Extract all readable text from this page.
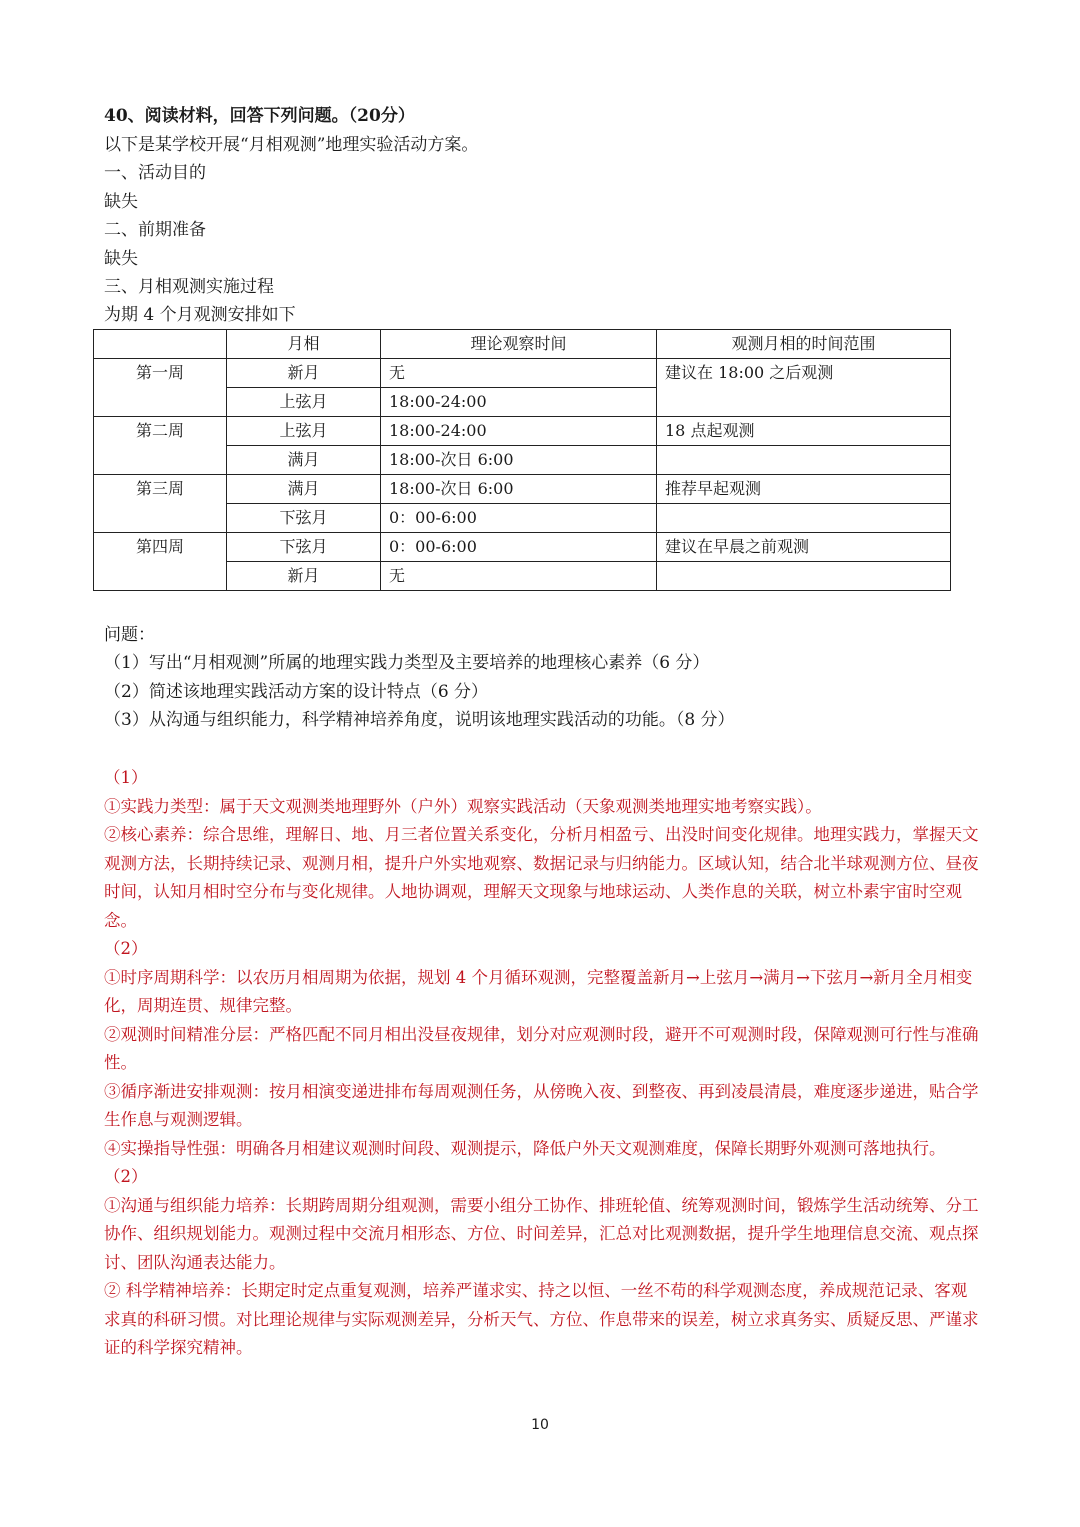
40、阅读材料，回答下列问题。（20分）
以下是某学校开展“月相观测”地理实验活动方案。
一、活动目的
缺失
二、前期准备
缺失
三、月相观测实施过程
为期 4 个月观测安排如下
	月相	理论观察时间	观测月相的时间范围
第一周	新月	无	建议在 18:00 之后观测
	上弦月	18:00-24:00	
第二周	上弦月	18:00-24:00	18 点起观测
	满月	18:00-次日 6:00	
第三周	满月	18:00-次日 6:00	推荐早起观测
	下弦月	0：00-6:00	
第四周	下弦月	0：00-6:00	建议在早晨之前观测
	新月	无	
问题：
（1）写出“月相观测”所属的地理实践力类型及主要培养的地理核心素养（6 分）
（2）简述该地理实践活动方案的设计特点（6 分）
（3）从沟通与组织能力，科学精神培养角度，说明该地理实践活动的功能。（8 分）

（1）

①实践力类型：属于天文观测类地理野外（户外）观察实践活动（天象观测类地理实地考察实践）。

②核心素养：综合思维，理解日、地、月三者位置关系变化，分析月相盈亏、出没时间变化规律。地理实践力，掌握天文观测方法，长期持续记录、观测月相，提升户外实地观察、数据记录与归纳能力。区域认知，结合北半球观测方位、昼夜时间，认知月相时空分布与变化规律。人地协调观，理解天文现象与地球运动、人类作息的关联，树立朴素宇宙时空观念。

（2）

①时序周期科学：以农历月相周期为依据，规划 4 个月循环观测，完整覆盖新月→上弦月→满月→下弦月→新月全月相变化，周期连贯、规律完整。

②观测时间精准分层：严格匹配不同月相出没昼夜规律，划分对应观测时段，避开不可观测时段，保障观测可行性与准确性。

③循序渐进安排观测：按月相演变递进排布每周观测任务，从傍晚入夜、到整夜、再到凌晨清晨，难度逐步递进，贴合学生作息与观测逻辑。

④实操指导性强：明确各月相建议观测时间段、观测提示，降低户外天文观测难度，保障长期野外观测可落地执行。

（2）

①沟通与组织能力培养：长期跨周期分组观测，需要小组分工协作、排班轮值、统筹观测时间，锻炼学生活动统筹、分工协作、组织规划能力。观测过程中交流月相形态、方位、时间差异，汇总对比观测数据，提升学生地理信息交流、观点探讨、团队沟通表达能力。

② 科学精神培养：长期定时定点重复观测，培养严谨求实、持之以恒、一丝不苟的科学观测态度，养成规范记录、客观求真的科研习惯。对比理论规律与实际观测差异，分析天气、方位、作息带来的误差，树立求真务实、质疑反思、严谨求证的科学探究精神。

10
